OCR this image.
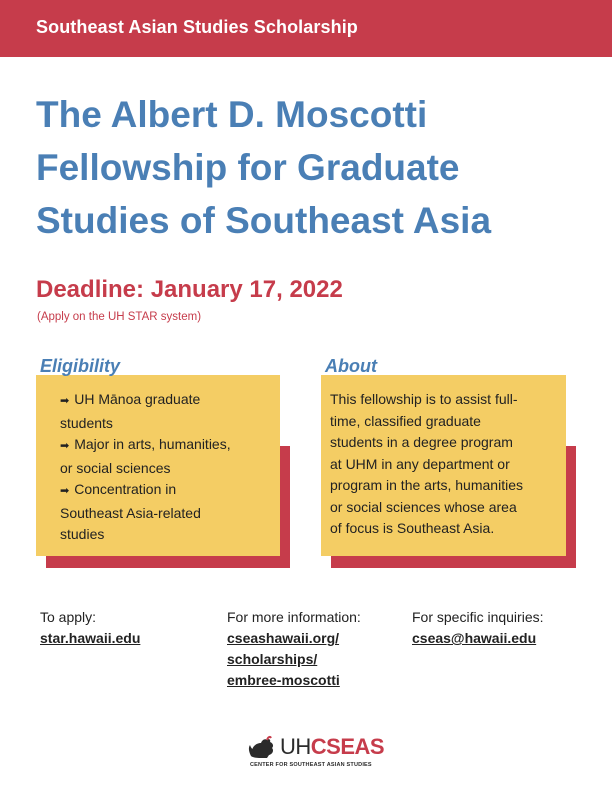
Southeast Asian Studies Scholarship
The Albert D. Moscotti
Fellowship for Graduate
Studies of Southeast Asia
Deadline: January 17, 2022
(Apply on the UH STAR system)
➡ UH Mānoa graduate
students
➡ Major in arts, humanities,
or social sciences
➡ Concentration in
Southeast Asia-related
studies
Eligibility

This fellowship is to assist full-
time, classified graduate
students in a degree program
at UHM in any department or
program in the arts, humanities
or social sciences whose area
of focus is Southeast Asia.

About
To apply:
star.hawaii.edu
For more information:
cseashawaii.org/
scholarships/
embree-moscotti
For specific inquiries:
cseas@hawaii.edu
UHCSEAS
CENTER FOR SOUTHEAST ASIAN STUDIES
